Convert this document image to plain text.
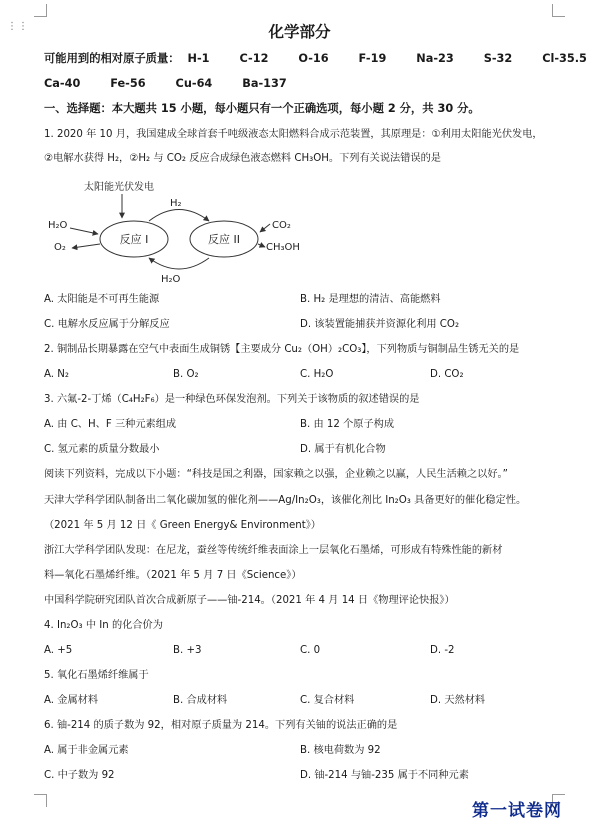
⋮⋮	化学部分
可能用到的相对原子质量： H-1	C-12	O-16	F-19	Na-23	S-32	Cl-35.5
Ca-40	Fe-56	Cu-64	Ba-137
一、选择题：本大题共 15 小题，每小题只有一个正确选项，每小题 2 分，共 30 分。
1. 2020 年 10 月，我国建成全球首套千吨级液态太阳燃料合成示范装置，其原理是：①利用太阳能光伏发电，
②电解水获得 H₂，②H₂ 与 CO₂ 反应合成绿色液态燃料 CH₃OH。下列有关说法错误的是
太阳能光伏发电
反应 I	反应 II
H₂
H₂O
H₂O
O₂
CO₂
CH₃OH
A. 太阳能是不可再生能源	B. H₂ 是理想的清洁、高能燃料
C. 电解水反应属于分解反应	D. 该装置能捕获并资源化利用 CO₂
2. 铜制品长期暴露在空气中表面生成铜锈【主要成分 Cu₂（OH）₂CO₃】，下列物质与铜制品生锈无关的是
A. N₂	B. O₂	C. H₂O	D. CO₂
3. 六氟-2-丁烯（C₄H₂F₆）是一种绿色环保发泡剂。下列关于该物质的叙述错误的是
A. 由 C、H、F 三种元素组成	B. 由 12 个原子构成
C. 氢元素的质量分数最小	D. 属于有机化合物
阅读下列资料，完成以下小题：“科技是国之利器，国家赖之以强，企业赖之以赢，人民生活赖之以好。”
天津大学科学团队制备出二氧化碳加氢的催化剂——Ag/In₂O₃，该催化剂比 In₂O₃ 具备更好的催化稳定性。
（2021 年 5 月 12 日《 Green Energy& Environment》）
浙江大学科学团队发现：在尼龙，蚕丝等传统纤维表面涂上一层氧化石墨烯，可形成有特殊性能的新材
料—氧化石墨烯纤维。（2021 年 5 月 7 日《Science》）
中国科学院研究团队首次合成新原子——铀-214。（2021 年 4 月 14 日《物理评论快报》）
4. In₂O₃ 中 In 的化合价为
A. +5	B. +3	C. 0	D. -2
5. 氧化石墨烯纤维属于
A. 金属材料	B. 合成材料	C. 复合材料	D. 天然材料
6. 铀-214 的质子数为 92，相对原子质量为 214。下列有关铀的说法正确的是
A. 属于非金属元素	B. 核电荷数为 92
C. 中子数为 92	D. 铀-214 与铀-235 属于不同种元素
第一试卷网
